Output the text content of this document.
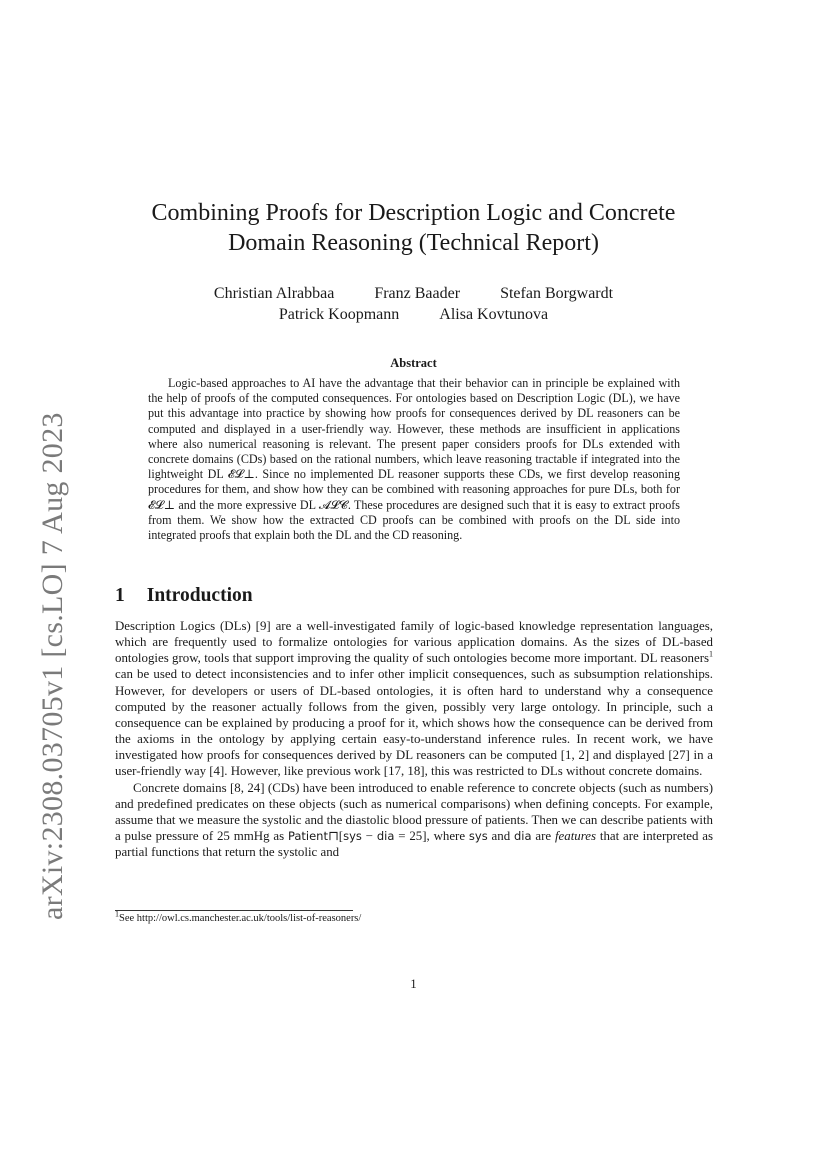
arXiv:2308.03705v1 [cs.LO] 7 Aug 2023
Combining Proofs for Description Logic and Concrete
Domain Reasoning (Technical Report)
Christian Alrabbaa	Franz Baader	Stefan Borgwardt
Patrick Koopmann	Alisa Kovtunova
Abstract
Logic-based approaches to AI have the advantage that their behavior can in principle be explained with the help of proofs of the computed consequences. For ontologies based on Description Logic (DL), we have put this advantage into practice by showing how proofs for consequences derived by DL reasoners can be computed and displayed in a user-friendly way. However, these methods are insufficient in applications where also numerical reasoning is relevant. The present paper considers proofs for DLs extended with concrete domains (CDs) based on the rational numbers, which leave reasoning tractable if integrated into the lightweight DL 𝓔𝓛⊥. Since no implemented DL reasoner supports these CDs, we first develop reasoning procedures for them, and show how they can be combined with reasoning approaches for pure DLs, both for 𝓔𝓛⊥ and the more expressive DL 𝓐𝓛𝓒. These procedures are designed such that it is easy to extract proofs from them. We show how the extracted CD proofs can be combined with proofs on the DL side into integrated proofs that explain both the DL and the CD reasoning.
1 Introduction

Description Logics (DLs) [9] are a well-investigated family of logic-based knowledge representation languages, which are frequently used to formalize ontologies for various application domains. As the sizes of DL-based ontologies grow, tools that support improving the quality of such ontologies become more important. DL reasoners$^1$ can be used to detect inconsistencies and to infer other implicit consequences, such as subsumption relationships. However, for developers or users of DL-based ontologies, it is often hard to understand why a consequence computed by the reasoner actually follows from the given, possibly very large ontology. In principle, such a consequence can be explained by producing a proof for it, which shows how the consequence can be derived from the axioms in the ontology by applying certain easy-to-understand inference rules. In recent work, we have investigated how proofs for consequences derived by DL reasoners can be computed [1, 2] and displayed [27] in a user-friendly way [4]. However, like previous work [17, 18], this was restricted to DLs without concrete domains.

Concrete domains [8, 24] (CDs) have been introduced to enable reference to concrete objects (such as numbers) and predefined predicates on these objects (such as numerical comparisons) when defining concepts. For example, assume that we measure the systolic and the diastolic blood pressure of patients. Then we can describe patients with a pulse pressure of 25 mmHg as Patient⊓[sys − dia = 25], where sys and dia are features that are interpreted as partial functions that return the systolic and

$^1$See http://owl.cs.manchester.ac.uk/tools/list-of-reasoners/
1
